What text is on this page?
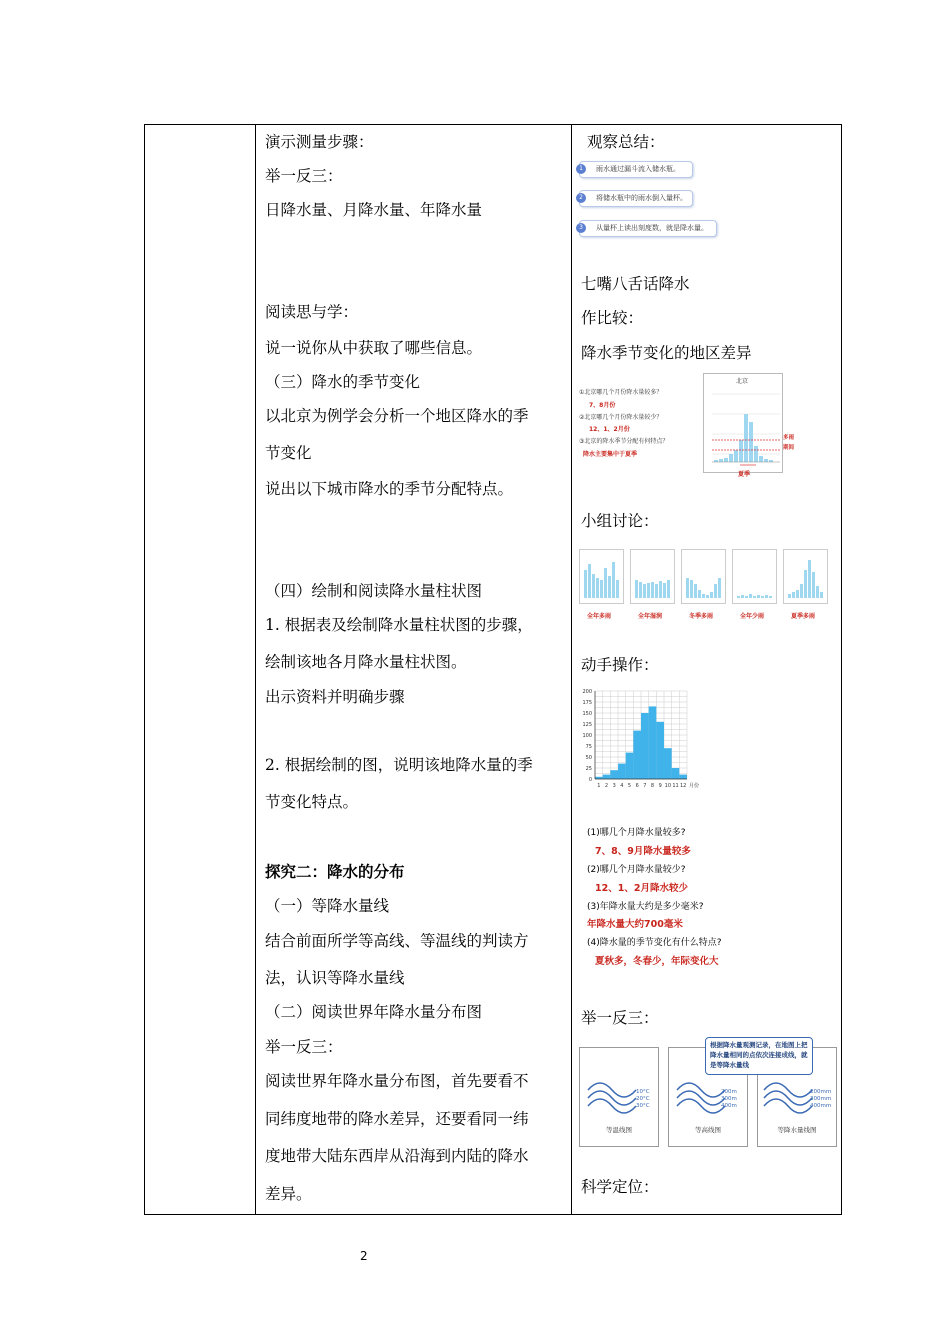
演示测量步骤：
举一反三：
日降水量、月降水量、年降水量
阅读思与学：
说一说你从中获取了哪些信息。
（三）降水的季节变化
以北京为例学会分析一个地区降水的季
节变化
说出以下城市降水的季节分配特点。
（四）绘制和阅读降水量柱状图
1. 根据表及绘制降水量柱状图的步骤，
绘制该地各月降水量柱状图。
出示资料并明确步骤
2. 根据绘制的图，说明该地降水量的季
节变化特点。
探究二：降水的分布
（一）等降水量线
结合前面所学等高线、等温线的判读方
法，认识等降水量线
（二）阅读世界年降水量分布图
举一反三：
阅读世界年降水量分布图，首先要看不
同纬度地带的降水差异，还要看同一纬
度地带大陆东西岸从沿海到内陆的降水
差异。
观察总结：
1	雨水通过漏斗流入储水瓶。
2	将储水瓶中的雨水倒入量杯。
3	从量杯上读出刻度数，就是降水量。
七嘴八舌话降水
作比较：
降水季节变化的地区差异
①北京哪几个月份降水量较多？
7、8月份
②北京哪几个月份降水量较少？
12、1、2月份
③北京的降水季节分配有何特点？
降水主要集中于夏季
北京
多雨
期间
夏季
小组讨论：
全年多雨	全年湿润	冬季多雨	全年少雨	夏季多雨
动手操作：
0
25
50
75
100
125
150
175
200
1 2 3 4 5 6 7 8 9 10 11 12 月份
(1)哪几个月降水量较多?
7、8、9月降水量较多
(2)哪几个月降水量较少?
12、1、2月降水较少
(3)年降水量大约是多少毫米?
年降水量大约700毫米
(4)降水量的季节变化有什么特点?
夏秋多，冬春少，年际变化大
举一反三：
10°C
20°C
30°C
等温线图
200m
300m
400m
等高线图
200mm
300mm
400mm
等降水量线图
根据降水量观测记录，在地图上把降水量相同的点依次连接成线，就是等降水量线
科学定位：
2
